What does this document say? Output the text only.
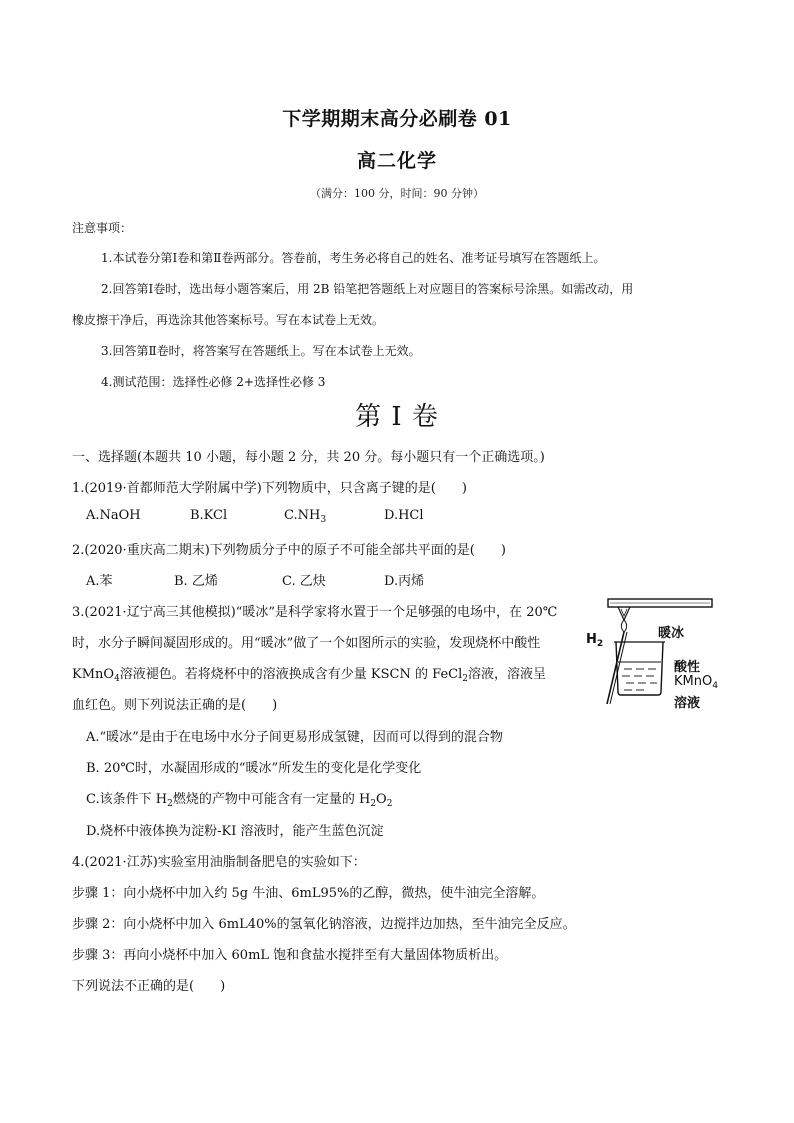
下学期期末高分必刷卷 01
高二化学
（满分：100 分，时间：90 分钟）
注意事项：
1.本试卷分第Ⅰ卷和第Ⅱ卷两部分。答卷前，考生务必将自己的姓名、准考证号填写在答题纸上。
2.回答第Ⅰ卷时，选出每小题答案后，用 2B 铅笔把答题纸上对应题目的答案标号涂黑。如需改动，用
橡皮擦干净后，再选涂其他答案标号。写在本试卷上无效。
3.回答第Ⅱ卷时，将答案写在答题纸上。写在本试卷上无效。
4.测试范围：选择性必修 2+选择性必修 3
第 I 卷
一、选择题(本题共 10 小题，每小题 2 分，共 20 分。每小题只有一个正确选项。)
1.(2019·首都师范大学附属中学)下列物质中，只含离子键的是(　　)
A.NaOH	B.KCl	$C.NH_3$	D.HCl
2.(2020·重庆高二期末)下列物质分子中的原子不可能全部共平面的是(　　)
A.苯	B. 乙烯	C. 乙炔	D.丙烯
3.(2021·辽宁高三其他模拟)“暖冰”是科学家将水置于一个足够强的电场中，在 20℃
时，水分子瞬间凝固形成的。用“暖冰”做了一个如图所示的实验，发现烧杯中酸性
KMnO$_4$溶液褪色。若将烧杯中的溶液换成含有少量 KSCN 的 FeCl$_2$溶液，溶液呈
血红色。则下列说法正确的是(　　)
A.“暖冰”是由于在电场中水分子间更易形成氢键，因而可以得到的混合物
B. 20℃时，水凝固形成的“暖冰”所发生的变化是化学变化
C.该条件下 $H_2$燃烧的产物中可能含有一定量的 $H_2O_2$
D.烧杯中液体换为淀粉-KI 溶液时，能产生蓝色沉淀
$H_2$
暖冰
酸性
KMnO$_4$
溶液
4.(2021·江苏)实验室用油脂制备肥皂的实验如下：
步骤 1：向小烧杯中加入约 5g 牛油、6mL95%的乙醇，微热，使牛油完全溶解。
步骤 2：向小烧杯中加入 6mL40%的氢氧化钠溶液，边搅拌边加热，至牛油完全反应。
步骤 3：再向小烧杯中加入 60mL 饱和食盐水搅拌至有大量固体物质析出。
下列说法不正确的是(　　)
